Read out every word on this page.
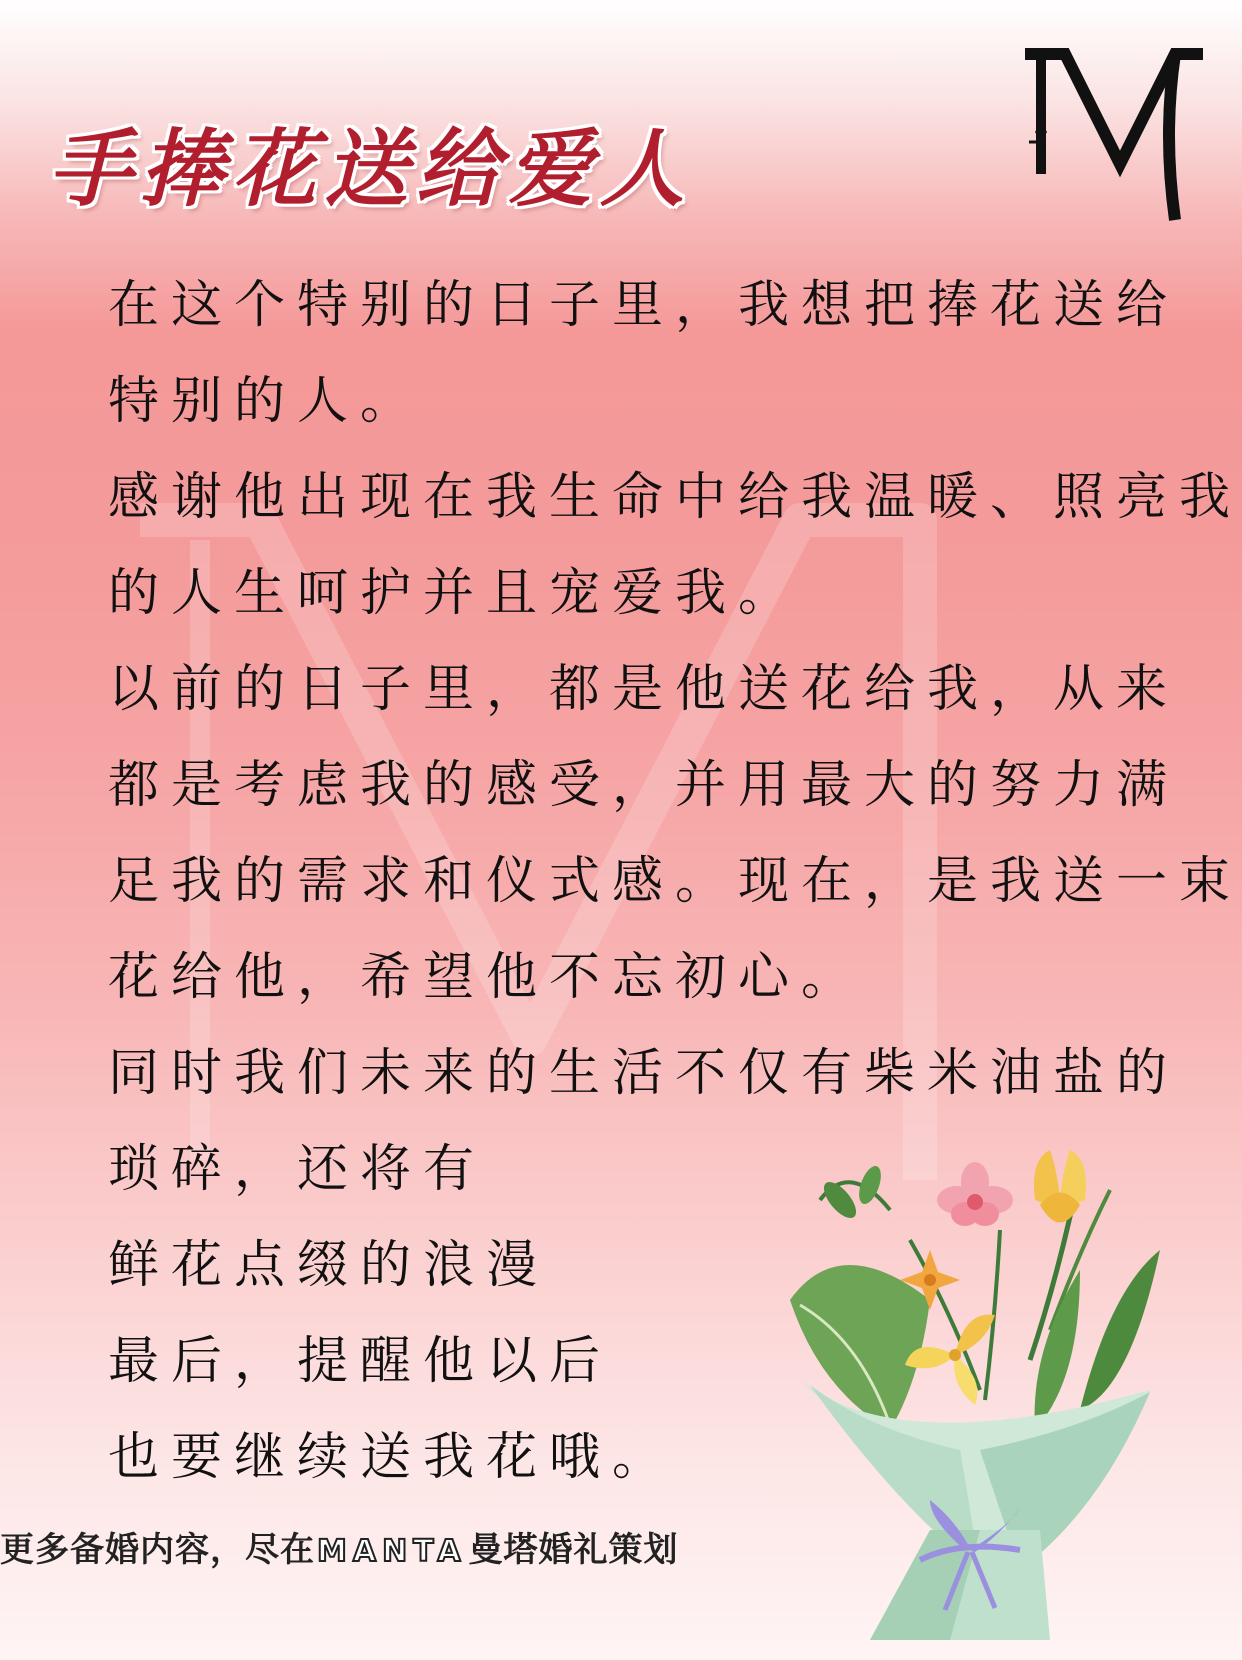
手捧花送给爱人
在这个特别的日子里，我想把捧花送给
特别的人。
感谢他出现在我生命中给我温暖、照亮我
的人生呵护并且宠爱我。
以前的日子里，都是他送花给我，从来
都是考虑我的感受，并用最大的努力满
足我的需求和仪式感。现在，是我送一束
花给他，希望他不忘初心。
同时我们未来的生活不仅有柴米油盐的
琐碎，还将有
鲜花点缀的浪漫
最后，提醒他以后
也要继续送我花哦。
更多备婚内容，尽在MANTA曼塔婚礼策划
